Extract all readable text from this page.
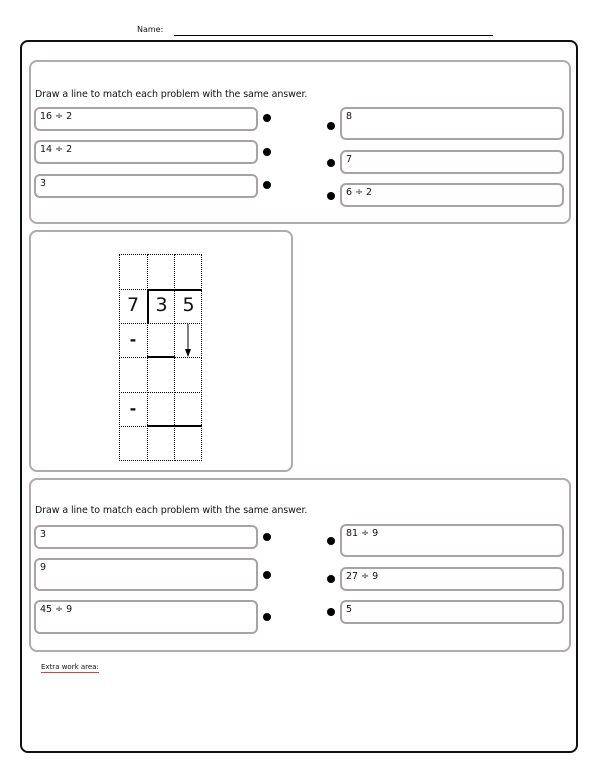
Name:
Draw a line to match each problem with the same answer.
16 ÷ 2
14 ÷ 2
3
8
7
6 ÷ 2
7 3 5
-
-
Draw a line to match each problem with the same answer.
3
9
45 ÷ 9
81 ÷ 9
27 ÷ 9
5
Extra work area:
